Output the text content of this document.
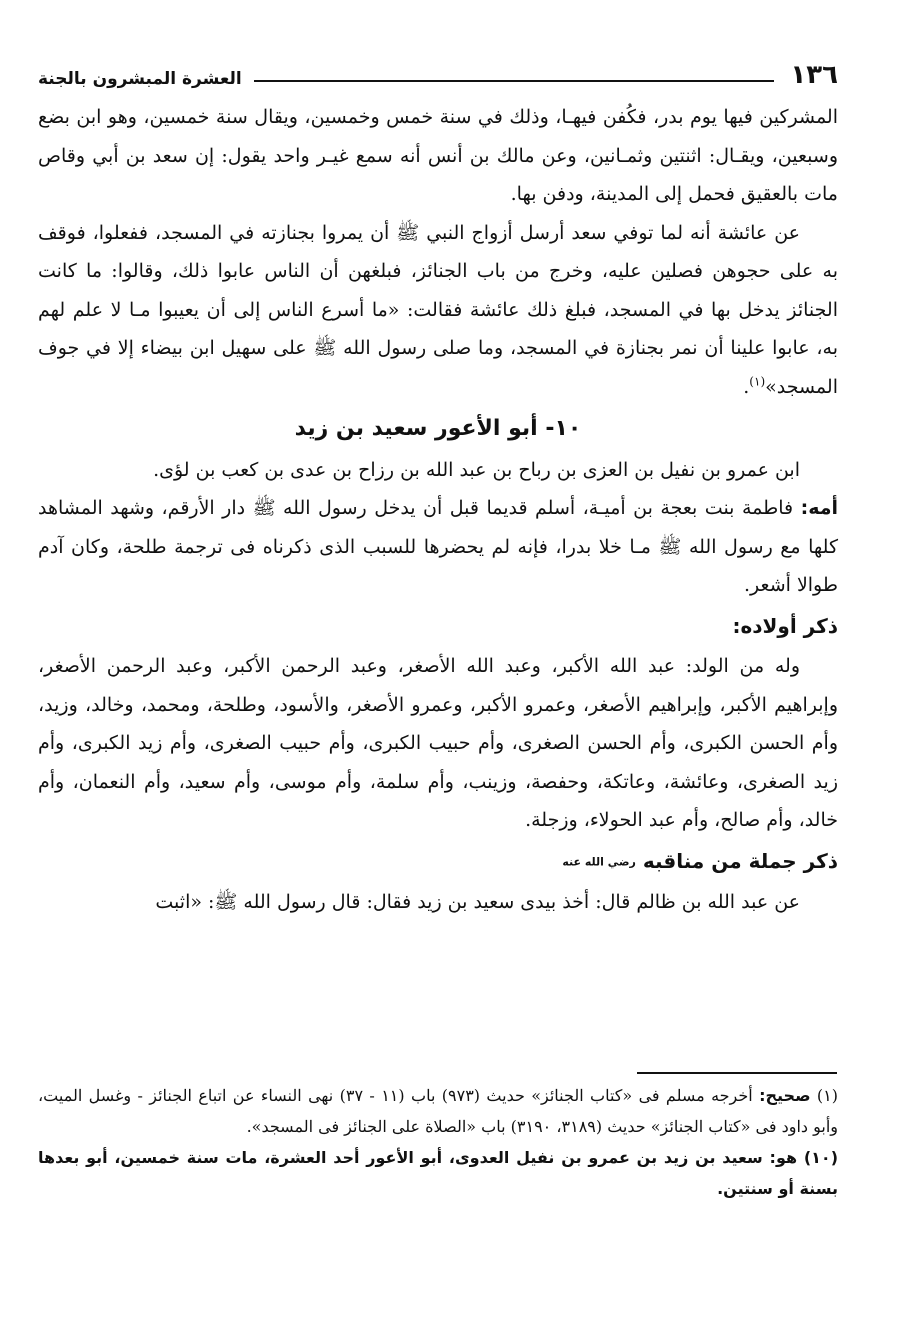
١٣٦
العشرة المبشرون بالجنة

المشركين فيها يوم بدر، فكُفن فيهـا، وذلك في سنة خمس وخمسين، ويقال سنة خمسين، وهو ابن بضع وسبعين، ويقـال: اثنتين وثمـانين، وعن مالك بن أنس أنه سمع غيـر واحد يقول: إن سعد بن أبي وقاص مات بالعقيق فحمل إلى المدينة، ودفن بها.

عن عائشة أنه لما توفي سعد أرسل أزواج النبي ﷺ أن يمروا بجنازته في المسجد، ففعلوا، فوقف به على حجوهن فصلين عليه، وخرج من باب الجنائز، فبلغهن أن الناس عابوا ذلك، وقالوا: ما كانت الجنائز يدخل بها في المسجد، فبلغ ذلك عائشة فقالت: «ما أسرع الناس إلى أن يعيبوا مـا لا علم لهم به، عابوا علينا أن نمر بجنازة في المسجد، وما صلى رسول الله ﷺ على سهيل ابن بيضاء إلا في جوف المسجد»$^{(١)}$.

١٠- أبو الأعور سعيد بن زيد

ابن عمرو بن نفيل بن العزى بن رباح بن عبد الله بن رزاح بن عدى بن كعب بن لؤى.

أمه: فاطمة بنت بعجة بن أميـة، أسلم قديما قبل أن يدخل رسول الله ﷺ دار الأرقم، وشهد المشاهد كلها مع رسول الله ﷺ مـا خلا بدرا، فإنه لم يحضرها للسبب الذى ذكرناه فى ترجمة طلحة، وكان آدم طوالا أشعر.

ذكر أولاده:

وله من الولد: عبد الله الأكبر، وعبد الله الأصغر، وعبد الرحمن الأكبر، وعبد الرحمن الأصغر، وإبراهيم الأكبر، وإبراهيم الأصغر، وعمرو الأكبر، وعمرو الأصغر، والأسود، وطلحة، ومحمد، وخالد، وزيد، وأم الحسن الكبرى، وأم الحسن الصغرى، وأم حبيب الكبرى، وأم حبيب الصغرى، وأم زيد الكبرى، وأم زيد الصغرى، وعائشة، وعاتكة، وحفصة، وزينب، وأم سلمة، وأم موسى، وأم سعيد، وأم النعمان، وأم خالد، وأم صالح، وأم عبد الحولاء، وزجلة.

ذكر جملة من مناقبه رضي الله عنه

عن عبد الله بن ظالم قال: أخذ بيدى سعيد بن زيد فقال: قال رسول الله ﷺ: «اثبت

(١) صحيح: أخرجه مسلم فى «كتاب الجنائز» حديث (٩٧٣) باب (١١ - ٣٧) نهى النساء عن اتباع الجنائز - وغسل الميت، وأبو داود فى «كتاب الجنائز» حديث (٣١٨٩، ٣١٩٠) باب «الصلاة على الجنائز فى المسجد».

(١٠) هو: سعيد بن زيد بن عمرو بن نفيل العدوى، أبو الأعور أحد العشرة، مات سنة خمسين، أبو بعدها بسنة أو سنتين.
